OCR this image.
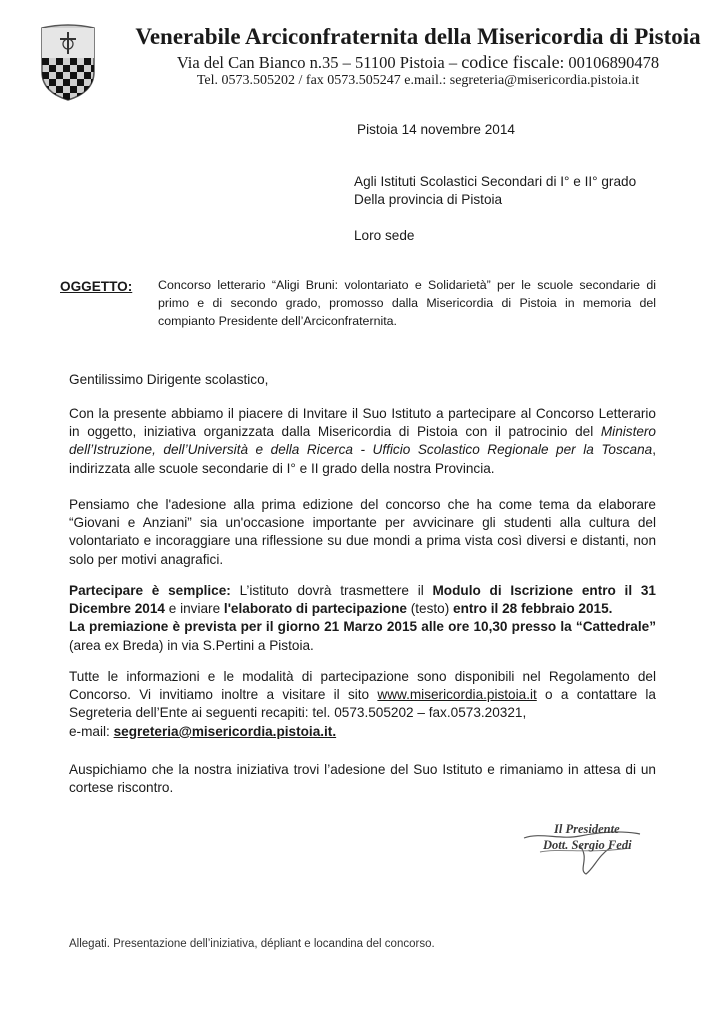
Venerabile Arciconfraternita della Misericordia di Pistoia
Via del Can Bianco n.35 – 51100 Pistoia – codice fiscale: 00106890478
Tel. 0573.505202 / fax 0573.505247 e.mail.: segreteria@misericordia.pistoia.it
Pistoia 14 novembre 2014
Agli Istituti Scolastici Secondari di I° e II° grado
Della provincia di Pistoia
Loro sede
OGGETTO: Concorso letterario “Aligi Bruni: volontariato e Solidarietà” per le scuole secondarie di primo e di secondo grado, promosso dalla Misericordia di Pistoia in memoria del compianto Presidente dell’Arciconfraternita.
Gentilissimo Dirigente scolastico,
Con la presente abbiamo il piacere di Invitare il Suo Istituto a partecipare al Concorso Letterario in oggetto, iniziativa organizzata dalla Misericordia di Pistoia con il patrocinio del Ministero dell’Istruzione, dell’Università e della Ricerca - Ufficio Scolastico Regionale per la Toscana, indirizzata alle scuole secondarie di I° e II grado della nostra Provincia.
Pensiamo che l'adesione alla prima edizione del concorso che ha come tema da elaborare “Giovani e Anziani” sia un'occasione importante per avvicinare gli studenti alla cultura del volontariato e incoraggiare una riflessione su due mondi a prima vista così diversi e distanti, non solo per motivi anagrafici.
Partecipare è semplice: L’istituto dovrà trasmettere il Modulo di Iscrizione entro il 31 Dicembre 2014 e inviare l'elaborato di partecipazione (testo) entro il 28 febbraio 2015.
La premiazione è prevista per il giorno 21 Marzo 2015 alle ore 10,30 presso la “Cattedrale” (area ex Breda) in via S.Pertini a Pistoia.
Tutte le informazioni e le modalità di partecipazione sono disponibili nel Regolamento del Concorso. Vi invitiamo inoltre a visitare il sito www.misericordia.pistoia.it o a contattare la Segreteria dell’Ente ai seguenti recapiti: tel. 0573.505202 – fax.0573.20321,
e-mail: segreteria@misericordia.pistoia.it.
Auspichiamo che la nostra iniziativa trovi l’adesione del Suo Istituto e rimaniamo in attesa di un cortese riscontro.
Il Presidente
Dott. Sergio Fedi
Allegati. Presentazione dell’iniziativa, dépliant e locandina del concorso.
